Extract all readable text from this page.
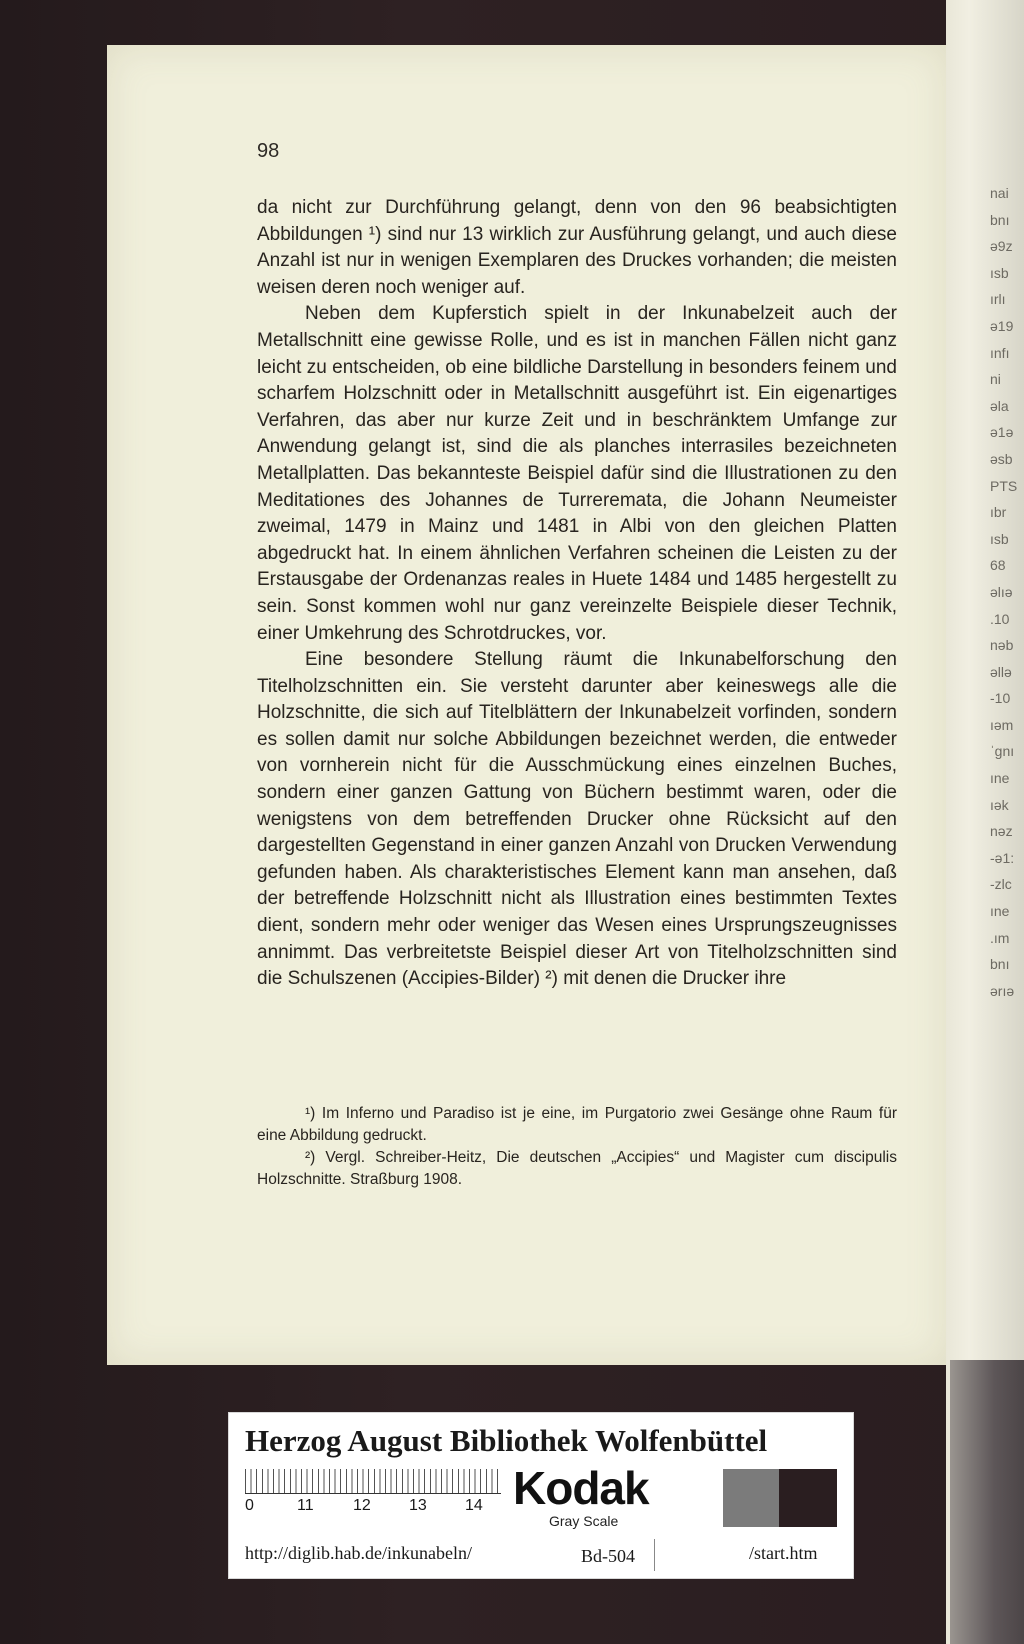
nai
bnı
ə9z
ısb
ırlı
ə19
ınfı
ni
əla
ə1ə
əsb
PTS
ıbr
ısb
68
əlıə
.10
nəb
əllə
-10
ıəm
ˈgnı
ıne
ıək
nəz
-ə1:
-zlc
ıne
.ım
bnı
ərıə

98

da nicht zur Durchführung gelangt, denn von den 96 beabsichtigten Abbildungen ¹) sind nur 13 wirklich zur Ausführung gelangt, und auch diese Anzahl ist nur in wenigen Exemplaren des Druckes vorhanden; die meisten weisen deren noch weniger auf.

Neben dem Kupferstich spielt in der Inkunabelzeit auch der Metallschnitt eine gewisse Rolle, und es ist in manchen Fällen nicht ganz leicht zu entscheiden, ob eine bildliche Darstellung in besonders feinem und scharfem Holzschnitt oder in Metallschnitt ausgeführt ist. Ein eigenartiges Verfahren, das aber nur kurze Zeit und in beschränktem Umfange zur Anwendung gelangt ist, sind die als planches interrasiles bezeichneten Metallplatten. Das bekannteste Beispiel dafür sind die Illustrationen zu den Meditationes des Johannes de Turreremata, die Johann Neumeister zweimal, 1479 in Mainz und 1481 in Albi von den gleichen Platten abgedruckt hat. In einem ähnlichen Verfahren scheinen die Leisten zu der Erstausgabe der Ordenanzas reales in Huete 1484 und 1485 hergestellt zu sein. Sonst kommen wohl nur ganz vereinzelte Beispiele dieser Technik, einer Umkehrung des Schrotdruckes, vor.

Eine besondere Stellung räumt die Inkunabelforschung den Titelholzschnitten ein. Sie versteht darunter aber keineswegs alle die Holzschnitte, die sich auf Titelblättern der Inkunabelzeit vorfinden, sondern es sollen damit nur solche Abbildungen bezeichnet werden, die entweder von vornherein nicht für die Ausschmückung eines einzelnen Buches, sondern einer ganzen Gattung von Büchern bestimmt waren, oder die wenigstens von dem betreffenden Drucker ohne Rücksicht auf den dargestellten Gegenstand in einer ganzen Anzahl von Drucken Verwendung gefunden haben. Als charakteristisches Element kann man ansehen, daß der betreffende Holzschnitt nicht als Illustration eines bestimmten Textes dient, sondern mehr oder weniger das Wesen eines Ursprungszeugnisses annimmt. Das verbreitetste Beispiel dieser Art von Titelholzschnitten sind die Schulszenen (Accipies-Bilder) ²) mit denen die Drucker ihre

¹) Im Inferno und Paradiso ist je eine, im Purgatorio zwei Gesänge ohne Raum für eine Abbildung gedruckt.

²) Vergl. Schreiber-Heitz, Die deutschen „Accipies“ und Magister cum discipulis Holzschnitte. Straßburg 1908.

Herzog August Bibliothek Wolfenbüttel

0	11 12 13 14 Kodak

Gray Scale
http://diglib.hab.de/inkunabeln/	Bd-504	/start.htm
